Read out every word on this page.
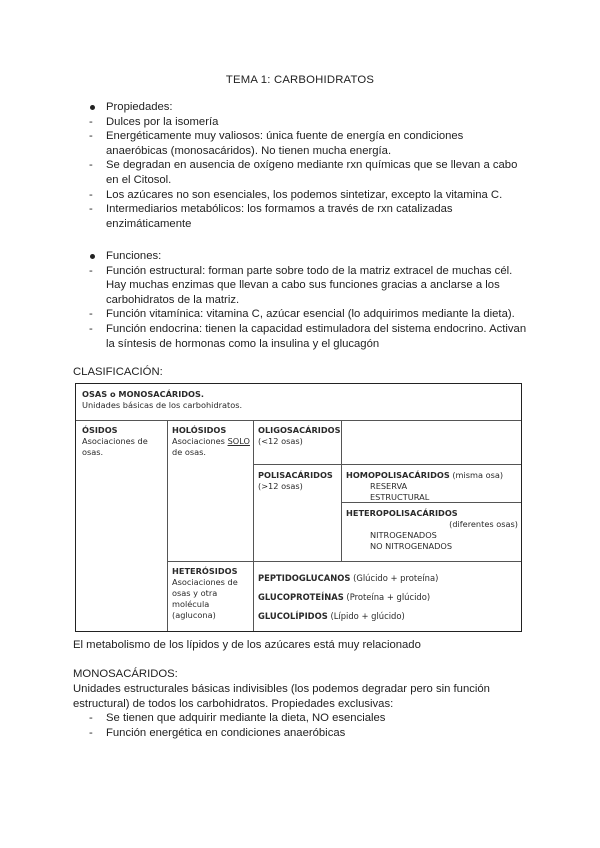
TEMA 1: CARBOHIDRATOS
Propiedades:
- Dulces por la isomería
- Energéticamente muy valiosos: única fuente de energía en condiciones anaeróbicas (monosacáridos). No tienen mucha energía.
- Se degradan en ausencia de oxígeno mediante rxn químicas que se llevan a cabo en el Citosol.
- Los azúcares no son esenciales, los podemos sintetizar, excepto la vitamina C.
- Intermediarios metabólicos: los formamos a través de rxn catalizadas enzimáticamente
Funciones:
- Función estructural: forman parte sobre todo de la matriz extracel de muchas cél. Hay muchas enzimas que llevan a cabo sus funciones gracias a anclarse a los carbohidratos de la matriz.
- Función vitamínica: vitamina C, azúcar esencial (lo adquirimos mediante la dieta).
- Función endocrina: tienen la capacidad estimuladora del sistema endocrino. Activan la síntesis de hormonas como la insulina y el glucagón
CLASIFICACIÓN:
OSAS o MONOSACÁRIDOS.
Unidades básicas de los carbohidratos.
ÓSIDOS
Asociaciones de osas.
HOLÓSIDOS
Asociaciones SOLO de osas.
OLIGOSACÁRIDOS
(<12 osas)
POLISACÁRIDOS
(>12 osas)
HOMOPOLISACÁRIDOS (misma osa)
RESERVA
ESTRUCTURAL
HETEROPOLISACÁRIDOS
(diferentes osas)
NITROGENADOS
NO NITROGENADOS
HETERÓSIDOS
Asociaciones de osas y otra molécula (aglucona)
PEPTIDOGLUCANOS (Glúcido + proteína)
GLUCOPROTEÍNAS (Proteína + glúcido)
GLUCOLÍPIDOS (Lípido + glúcido)
El metabolismo de los lípidos y de los azúcares está muy relacionado
MONOSACÁRIDOS:
Unidades estructurales básicas indivisibles (los podemos degradar pero sin función estructural) de todos los carbohidratos. Propiedades exclusivas:
- Se tienen que adquirir mediante la dieta, NO esenciales
- Función energética en condiciones anaeróbicas
